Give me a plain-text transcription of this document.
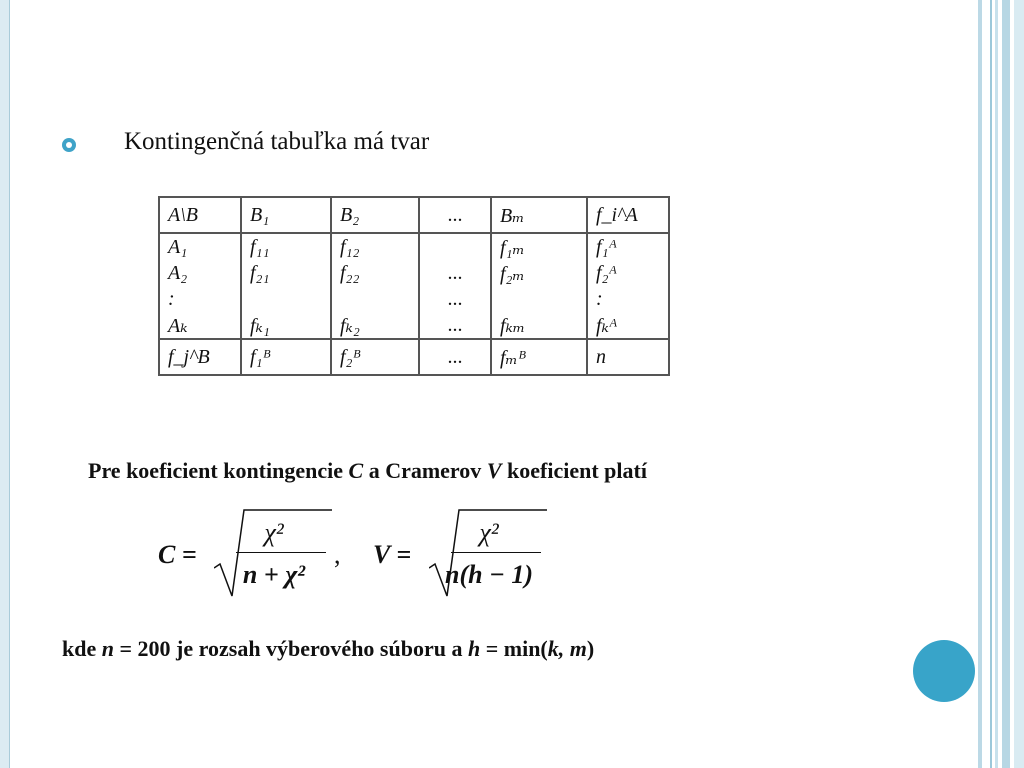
Kontingenčná tabuľka má tvar
A\B	B₁	B₂	...	Bₘ	f_i^A
A₁	f₁₁	f₁₂		f₁ₘ	f₁ᴬ
A₂	f₂₁	f₂₂	...	f₂ₘ	f₂ᴬ
:			...		:
Aₖ	fₖ₁	fₖ₂	...	fₖₘ	fₖᴬ
f_j^B	f₁ᴮ	f₂ᴮ	...	fₘᴮ	n
Pre koeficient kontingencie C a Cramerov V koeficient platí
C =
χ²
n + χ²
, V =
χ²
n(h − 1)
kde n = 200 je rozsah výberového súboru a h = min(k, m)
